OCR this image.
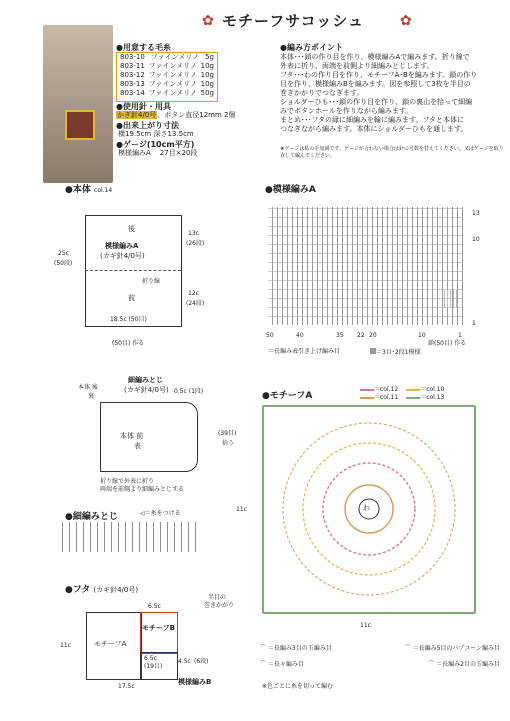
✿ モチーフサコッシュ	✿
●用意する毛糸
803-10 ファインメリノ 5g
803-11 ファインメリノ 10g
803-12 ファインメリノ 10g
803-13 ファインメリノ 10g
803-14 ファインメリノ 50g
●使用針・用具
かぎ針4/0号、ボタン直径12mm 2個
●出来上がり寸法
横19.5cm 深さ13.5cm
●ゲージ(10cm平方)
模様編みA 27目×20段
●編み方ポイント
本体･･･鎖の作り目を作り、模様編みAで編みます。折り線で
外表に折り、両端を前側より細編みとじします。
フタ･･･わの作り目を作り、モチーフA･Bを編みます。鎖の作り
目を作り、模様編みBを編みます。図を参照して3枚を半目の
巻きかがりでつなぎます。
ショルダーひも･･･鎖の作り目を作り、鎖の裏山を拾って細編
みでボタンホールを作りながら編みます。
まとめ･･･フタの縁に細編みを輪に編みます。フタと本体に
つなぎながら編みます。本体にショルダーひもを通します。
★ゲージは私の手加減です。ゲージが合わない場合は針の号数を替えてください。又はゲージを取り直して編んでください。
●本体 col.14
後
模様編みA
(カギ針4/0号)
折り線
前
18.5c (50目)
25c
(50段)
13c
(26段)
12c
(24段)
(50目) 作る
●模様編みA
13
10
1
50	40	35 22 20	10	1
鎖(50目) 作る
＝長編み表引き上げ編み目	＝3目･2段1模様
本体 後
裏
細編みとじ
(カギ針4/0号) 0.5c (1段)
本体 前
表
(39目)
拾う
折り線で外表に折り
両端を前側より細編みとじする
●細編みとじ	◁＝糸をつける
●フタ (カギ針4/0号)
半目の
巻きかがり
6.5c
モチーフA
モチーフB
6.5c
(19目)
11c
4.5c (6段)
17.5c
模様編みB
●モチーフA
＝col.12	＝col.10
＝col.11	＝col.13
わ
11c
11c
⌒ ＝長編み3目の玉編み目	⌒ ＝長編み5目のパプコーン編み目
⌒ ＝長々編み目	⌒ ＝長編み2目の玉編み目
※色ごとに糸を切って編む
